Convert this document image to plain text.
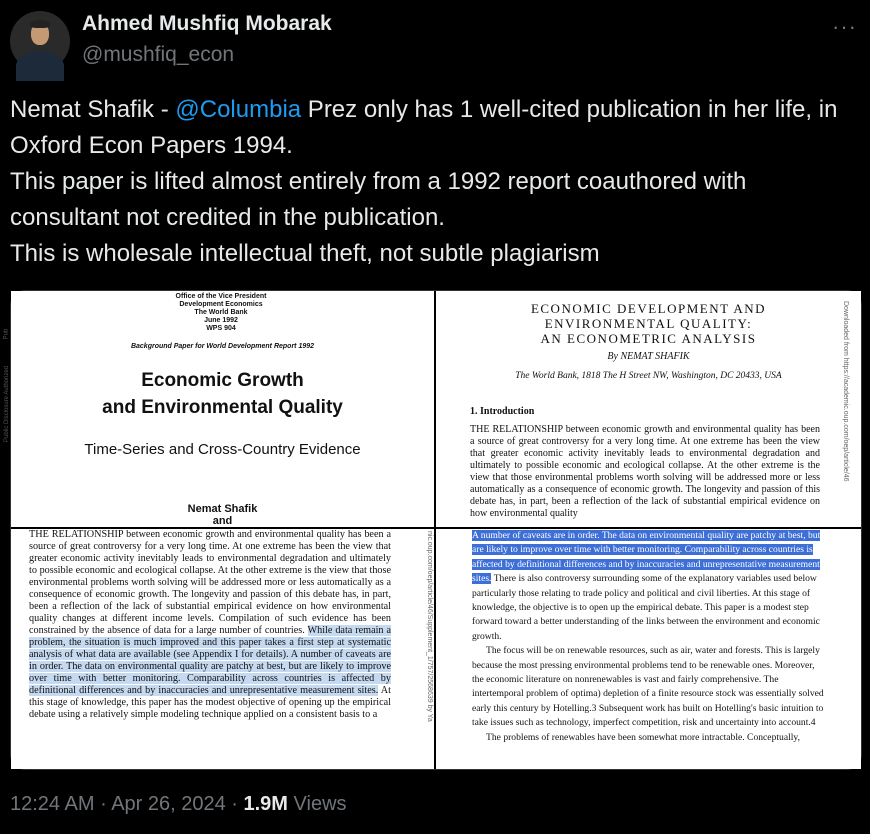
Ahmed Mushfiq Mobarak
@mushfiq_econ
···

Nemat Shafik - @Columbia Prez only has 1 well-cited publication in her life, in Oxford Econ Papers 1994.

This paper is lifted almost entirely from a 1992 report coauthored with consultant not credited in the publication.

This is wholesale intellectual theft, not subtle plagiarism

Pub
Public Disclosure Authorized
Office of the Vice President
Development Economics
The World Bank
June 1992
WPS 904
Background Paper for World Development Report 1992
Economic Growth
and Environmental Quality
Time-Series and Cross-Country Evidence
Nemat Shafik
and
ECONOMIC DEVELOPMENT AND
ENVIRONMENTAL QUALITY:
AN ECONOMETRIC ANALYSIS
By NEMAT SHAFIK
The World Bank, 1818 The H Street NW, Washington, DC 20433, USA
1. Introduction
THE RELATIONSHIP between economic growth and environmental quality has been a source of great controversy for a very long time. At one extreme has been the view that greater economic activity inevitably leads to environmental degradation and ultimately to possible economic and ecological collapse. At the other extreme is the view that those environmental problems worth solving will be addressed more or less automatically as a consequence of economic growth. The longevity and passion of this debate has, in part, been a reflection of the lack of substantial empirical evidence on how environmental quality
Downloaded from https://academic.oup.com/oep/article/46
THE RELATIONSHIP between economic growth and environmental quality has been a source of great controversy for a very long time. At one extreme has been the view that greater economic activity inevitably leads to environmental degradation and ultimately to possible economic and ecological collapse. At the other extreme is the view that those environmental problems worth solving will be addressed more or less automatically as a consequence of economic growth. The longevity and passion of this debate has, in part, been a reflection of the lack of substantial empirical evidence on how environmental quality changes at different income levels. Compilation of such evidence has been constrained by the absence of data for a large number of countries. While data remain a problem, the situation is much improved and this paper takes a first step at systematic analysis of what data are available (see Appendix I for details). A number of caveats are in order. The data on environmental quality are patchy at best, but are likely to improve over time with better monitoring. Comparability across countries is affected by definitional differences and by inaccuracies and unrepresentative measurement sites. At this stage of knowledge, this paper has the modest objective of opening up the empirical debate using a relatively simple modeling technique applied on a consistent basis to a	nic.oup.com/oep/article/46/Supplement_1/757/2568639 by Ya	A number of caveats are in order. The data on environmental quality are patchy at best, but are likely to improve over time with better monitoring. Comparability across countries is affected by definitional differences and by inaccuracies and unrepresentative measurement sites. There is also controversy surrounding some of the explanatory variables used below particularly those relating to trade policy and political and civil liberties. At this stage of knowledge, the objective is to open up the empirical debate. This paper is a modest step forward toward a better understanding of the links between the environment and economic growth.

The focus will be on renewable resources, such as air, water and forests. This is largely because the most pressing environmental problems tend to be renewable ones. Moreover, the economic literature on nonrenewables is vast and fairly comprehensive. The intertemporal problem of optima) depletion of a finite resource stock was essentially solved early this century by Hotelling.3 Subsequent work has built on Hotelling's basic intuition to take issues such as technology, imperfect competition, risk and uncertainty into account.4

The problems of renewables have been somewhat more intractable. Conceptually,

12:24 AM · Apr 26, 2024 · 1.9M Views
